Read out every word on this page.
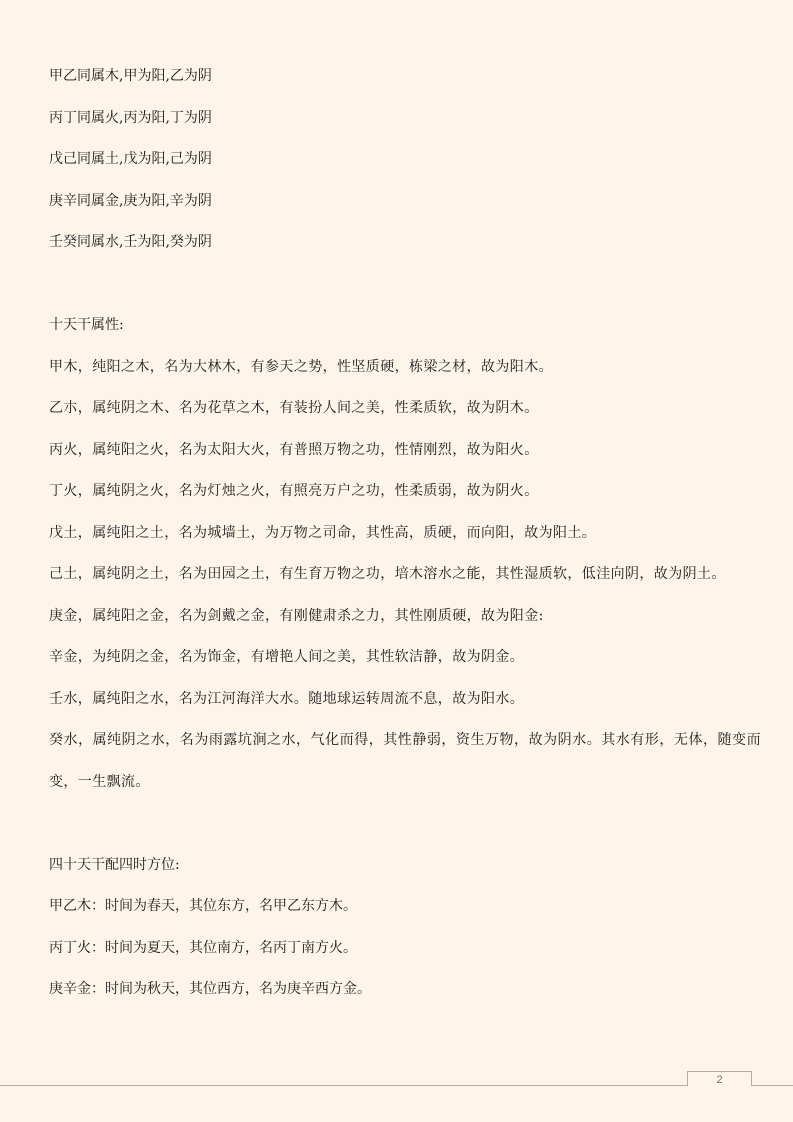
甲乙同属木,甲为阳,乙为阴

丙丁同属火,丙为阳,丁为阴

戊己同属土,戊为阳,己为阴

庚辛同属金,庚为阳,辛为阴

壬癸同属水,壬为阳,癸为阴

十天干属性:

甲木，纯阳之木，名为大林木，有参天之势，性坚质硬，栋梁之材，故为阳木。

乙朩，属纯阴之木、名为花草之木，有装扮人间之美，性柔质软，故为阴木。

丙火，属纯阳之火，名为太阳大火，有普照万物之功，性情刚烈，故为阳火。

丁火，属纯阴之火，名为灯烛之火，有照亮万户之功，性柔质弱，故为阴火。

戊土，属纯阳之土，名为城墙土，为万物之司命，其性高，质硬，而向阳，故为阳土。

己土，属纯阴之土，名为田园之土，有生育万物之功，培木溶水之能，其性湿质软，低洼向阴，故为阴土。

庚金，属纯阳之金，名为剑戴之金，有刚健肃杀之力，其性刚质硬，故为阳金:

辛金，为纯阴之金，名为饰金，有增艳人间之美，其性软洁静，故为阴金。

壬水，属纯阳之水，名为江河海洋大水。随地球运转周流不息，故为阳水。

癸水，属纯阴之水，名为雨露坑涧之水，气化而得，其性静弱，资生万物，故为阴水。其水有形，无体，随变而变，一生飘流。

四十天干配四时方位:

甲乙木：时间为春天，其位东方，名甲乙东方木。

丙丁火：时间为夏天，其位南方，名丙丁南方火。

庚辛金：时间为秋天，其位西方，名为庚辛西方金。

2
